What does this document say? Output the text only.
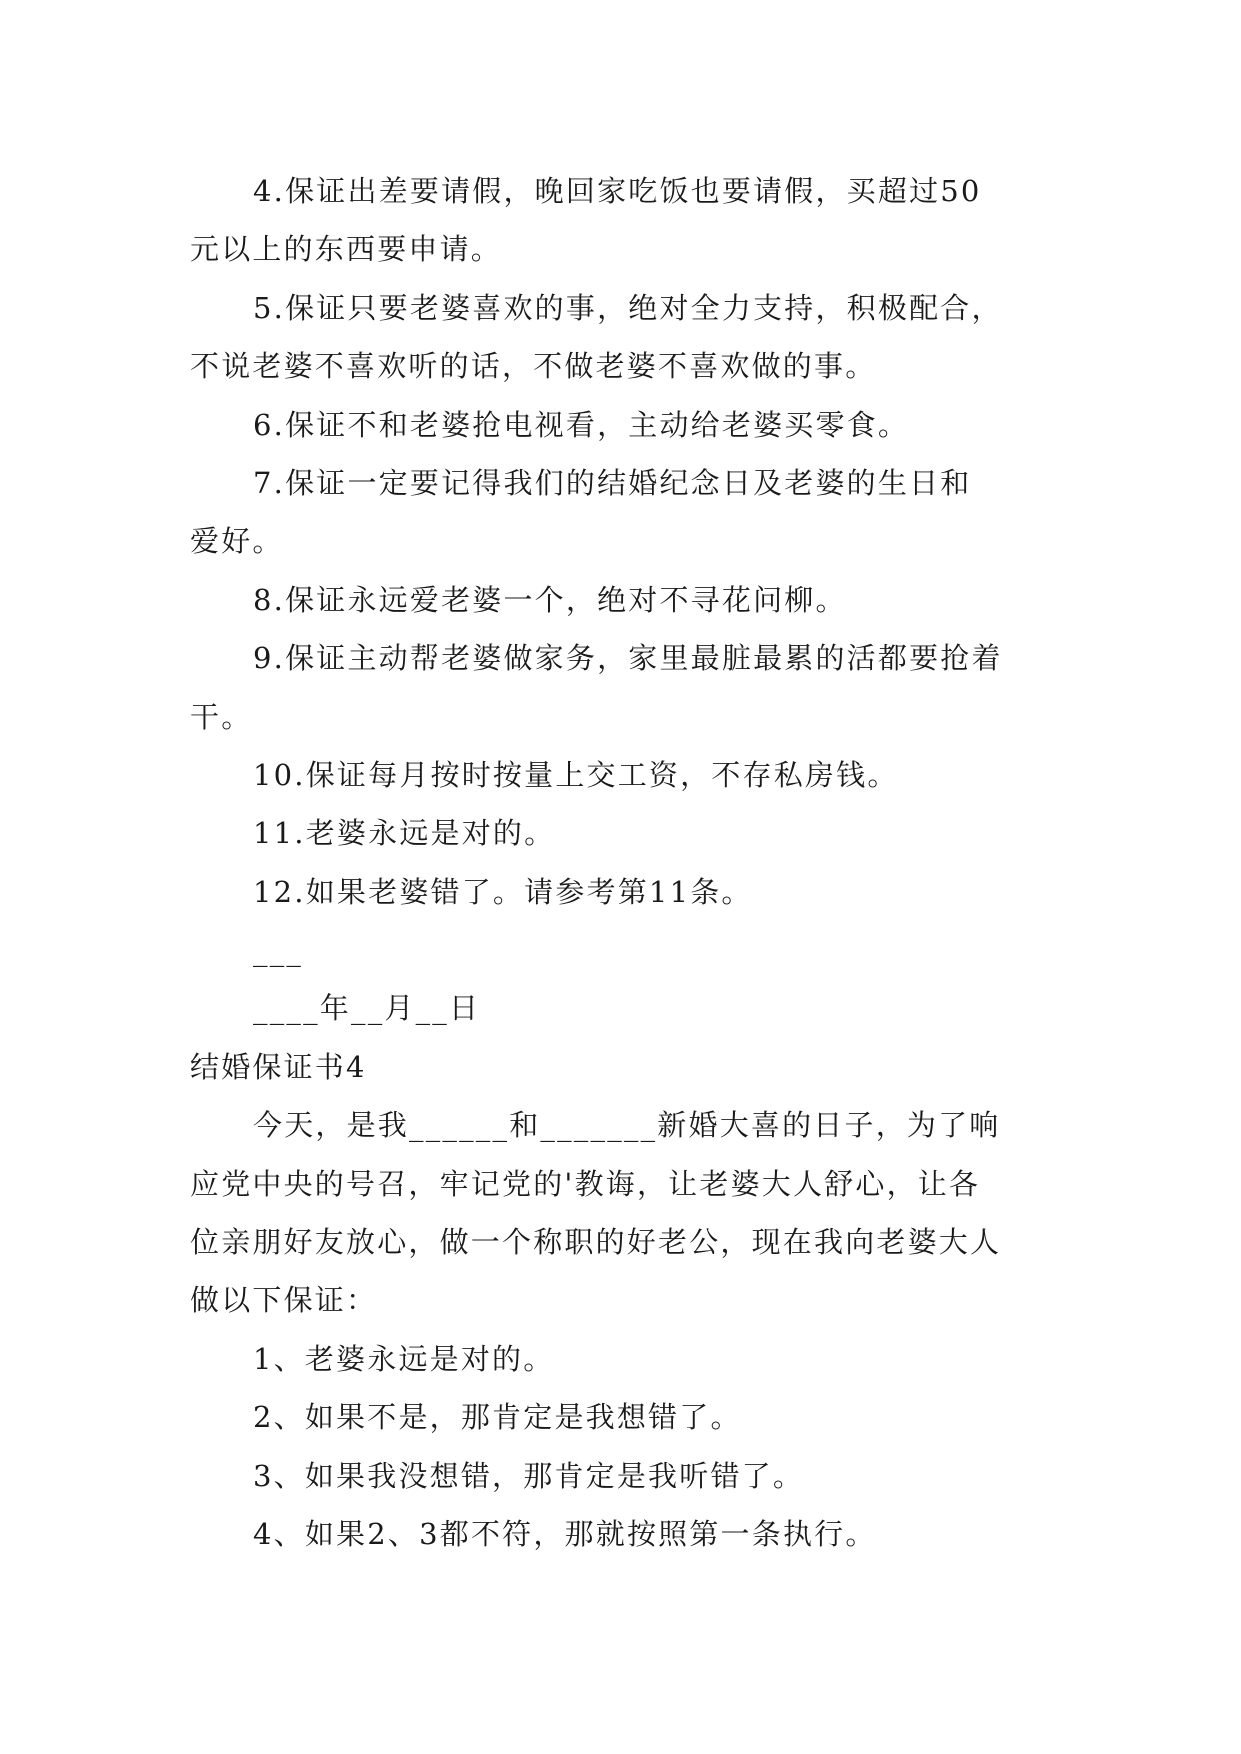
4.保证出差要请假，晚回家吃饭也要请假，买超过50
元以上的东西要申请。
5.保证只要老婆喜欢的事，绝对全力支持，积极配合，
不说老婆不喜欢听的话，不做老婆不喜欢做的事。
6.保证不和老婆抢电视看，主动给老婆买零食。
7.保证一定要记得我们的结婚纪念日及老婆的生日和
爱好。
8.保证永远爱老婆一个，绝对不寻花问柳。
9.保证主动帮老婆做家务，家里最脏最累的活都要抢着
干。
10.保证每月按时按量上交工资，不存私房钱。
11.老婆永远是对的。
12.如果老婆错了。请参考第11条。
___
____年__月__日
结婚保证书4
今天，是我______和_______新婚大喜的日子，为了响
应党中央的号召，牢记党的'教诲，让老婆大人舒心，让各
位亲朋好友放心，做一个称职的好老公，现在我向老婆大人
做以下保证：
1、老婆永远是对的。
2、如果不是，那肯定是我想错了。
3、如果我没想错，那肯定是我听错了。
4、如果2、3都不符，那就按照第一条执行。
